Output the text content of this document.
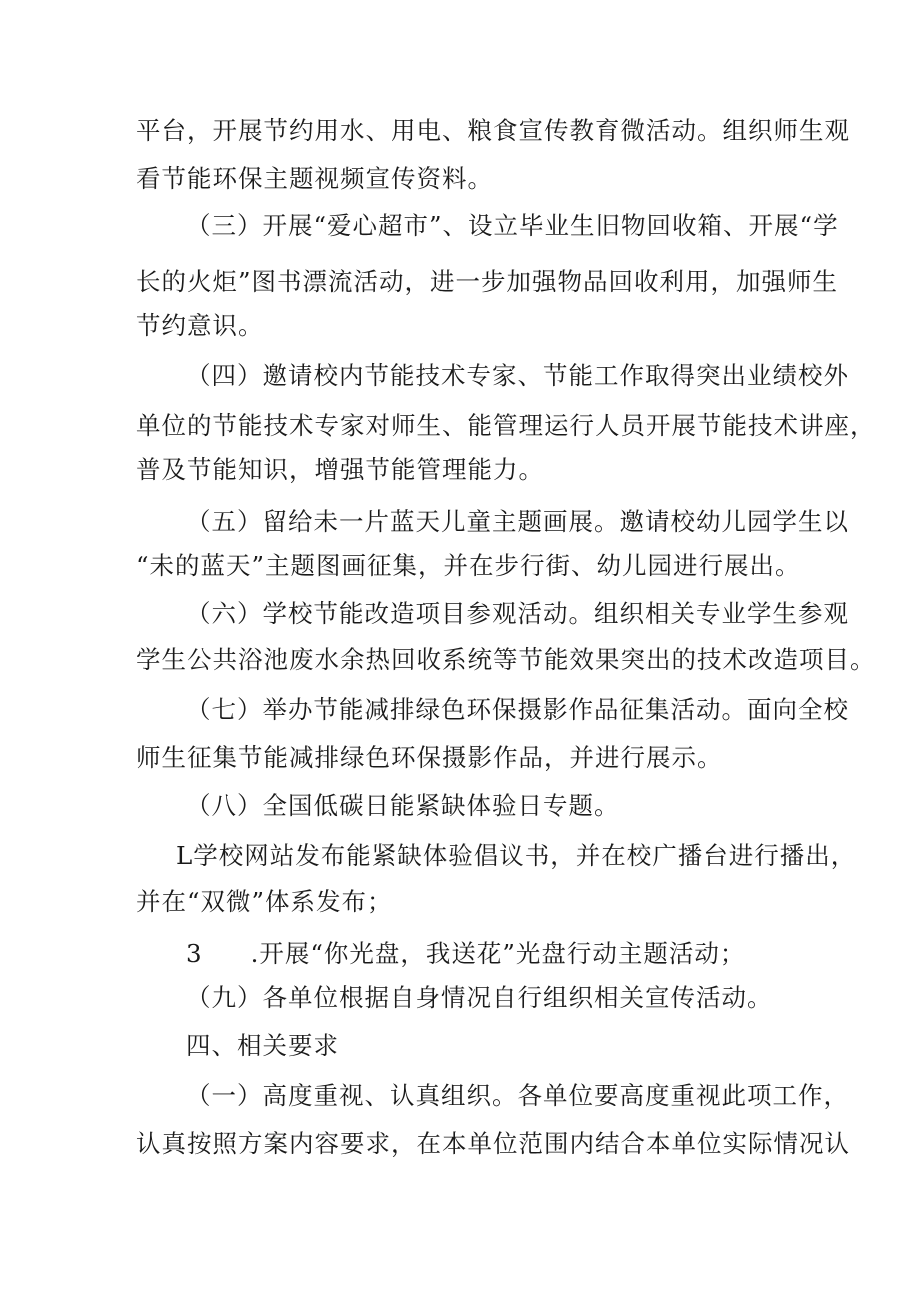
平台，开展节约用水、用电、粮食宣传教育微活动。组织师生观
看节能环保主题视频宣传资料。
（三）开展“爱心超市”、设立毕业生旧物回收箱、开展“学
长的火炬”图书漂流活动，进一步加强物品回收利用，加强师生
节约意识。
（四）邀请校内节能技术专家、节能工作取得突出业绩校外
单位的节能技术专家对师生、能管理运行人员开展节能技术讲座，
普及节能知识，增强节能管理能力。
（五）留给未一片蓝天儿童主题画展。邀请校幼儿园学生以
“未的蓝天”主题图画征集，并在步行街、幼儿园进行展出。
（六）学校节能改造项目参观活动。组织相关专业学生参观
学生公共浴池废水余热回收系统等节能效果突出的技术改造项目。
（七）举办节能减排绿色环保摄影作品征集活动。面向全校
师生征集节能减排绿色环保摄影作品，并进行展示。
（八）全国低碳日能紧缺体验日专题。
L学校网站发布能紧缺体验倡议书，并在校广播台进行播出，
并在“双微”体系发布；
3 .开展“你光盘，我送花”光盘行动主题活动；
（九）各单位根据自身情况自行组织相关宣传活动。
四、相关要求
（一）高度重视、认真组织。各单位要高度重视此项工作，
认真按照方案内容要求，在本单位范围内结合本单位实际情况认
